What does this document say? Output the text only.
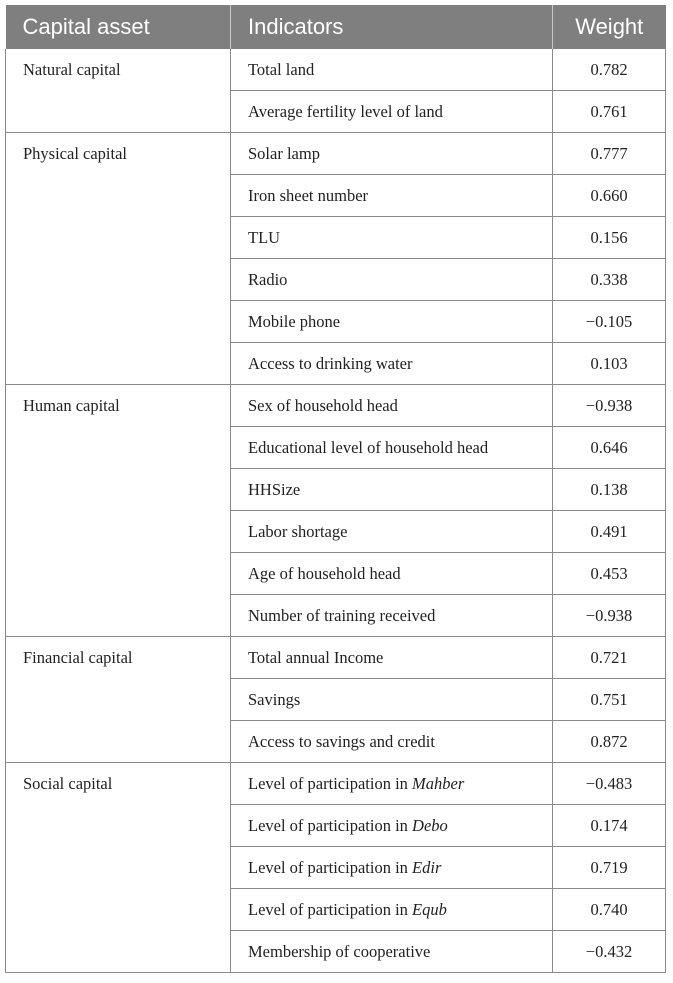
Capital asset	Indicators	Weight
Natural capital	Total land	0.782
	Average fertility level of land	0.761
Physical capital	Solar lamp	0.777
	Iron sheet number	0.660
	TLU	0.156
	Radio	0.338
	Mobile phone	−0.105
	Access to drinking water	0.103
Human capital	Sex of household head	−0.938
	Educational level of household head	0.646
	HHSize	0.138
	Labor shortage	0.491
	Age of household head	0.453
	Number of training received	−0.938
Financial capital	Total annual Income	0.721
	Savings	0.751
	Access to savings and credit	0.872
Social capital	Level of participation in Mahber	−0.483
	Level of participation in Debo	0.174
	Level of participation in Edir	0.719
	Level of participation in Equb	0.740
	Membership of cooperative	−0.432
